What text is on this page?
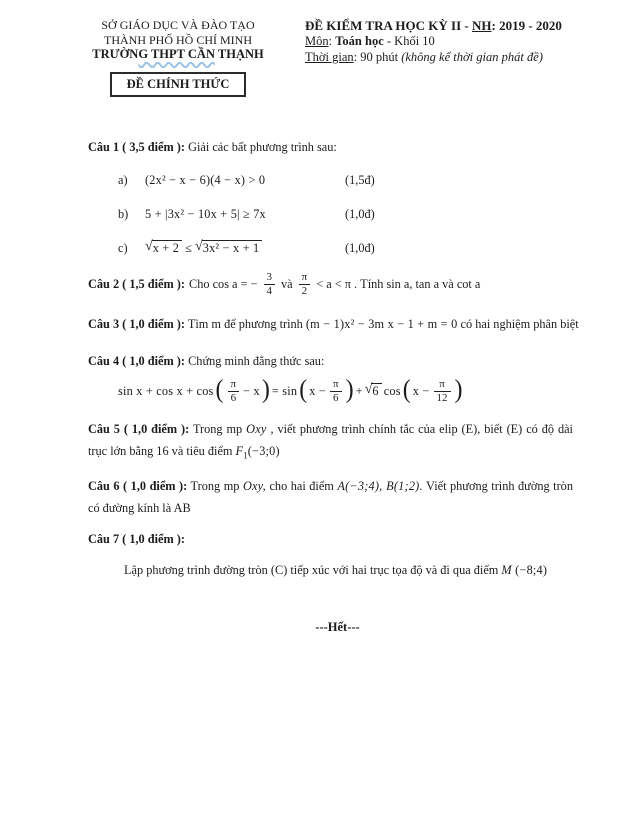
SỞ GIÁO DỤC VÀ ĐÀO TẠO
THÀNH PHỐ HỒ CHÍ MINH
TRƯỜNG THPT CẦN THẠNH
ĐỀ CHÍNH THỨC
ĐỀ KIỂM TRA HỌC KỲ II - NH: 2019 - 2020
Môn: Toán học - Khối 10
Thời gian: 90 phút (không kể thời gian phát đề)
Câu 1 ( 3,5 điểm ): Giải các bất phương trình sau:
a)	(2x² − x − 6)(4 − x) > 0	(1,5đ)
b)	5 + |3x² − 10x + 5| ≥ 7x	(1,0đ)
c)	√ x + 2 ≤ √ 3x² − x + 1	(1,0đ)
Câu 2 ( 1,5 điểm ): Cho cos a = − $\frac{3}{4}$ và $\frac{\pi}{2} < a < \pi$ . Tính sin a, tan a và cot a
Câu 3 ( 1,0 điểm ): Tìm m để phương trình (m − 1)x² − 3m x − 1 + m = 0 có hai nghiệm phân biệt
Câu 4 ( 1,0 điểm ): Chứng minh đẳng thức sau:
sin x + cos x + cos ( $\frac{\pi}{6} - x$ ) = sin ( $x - \frac{\pi}{6}$ ) + √ 6 cos ( $x - \frac{\pi}{12}$ )
Câu 5 ( 1,0 điểm ): Trong mp Oxy , viết phương trình chính tắc của elip (E), biết (E) có độ dài trục lớn bằng 16 và tiêu điểm $F_1(-3;0)$
Câu 6 ( 1,0 điểm ): Trong mp Oxy, cho hai điểm A(−3;4), B(1;2). Viết phương trình đường tròn có đường kính là AB
Câu 7 ( 1,0 điểm ):
Lập phương trình đường tròn (C) tiếp xúc với hai trục tọa độ và đi qua điểm M (−8;4)
---Hết---
